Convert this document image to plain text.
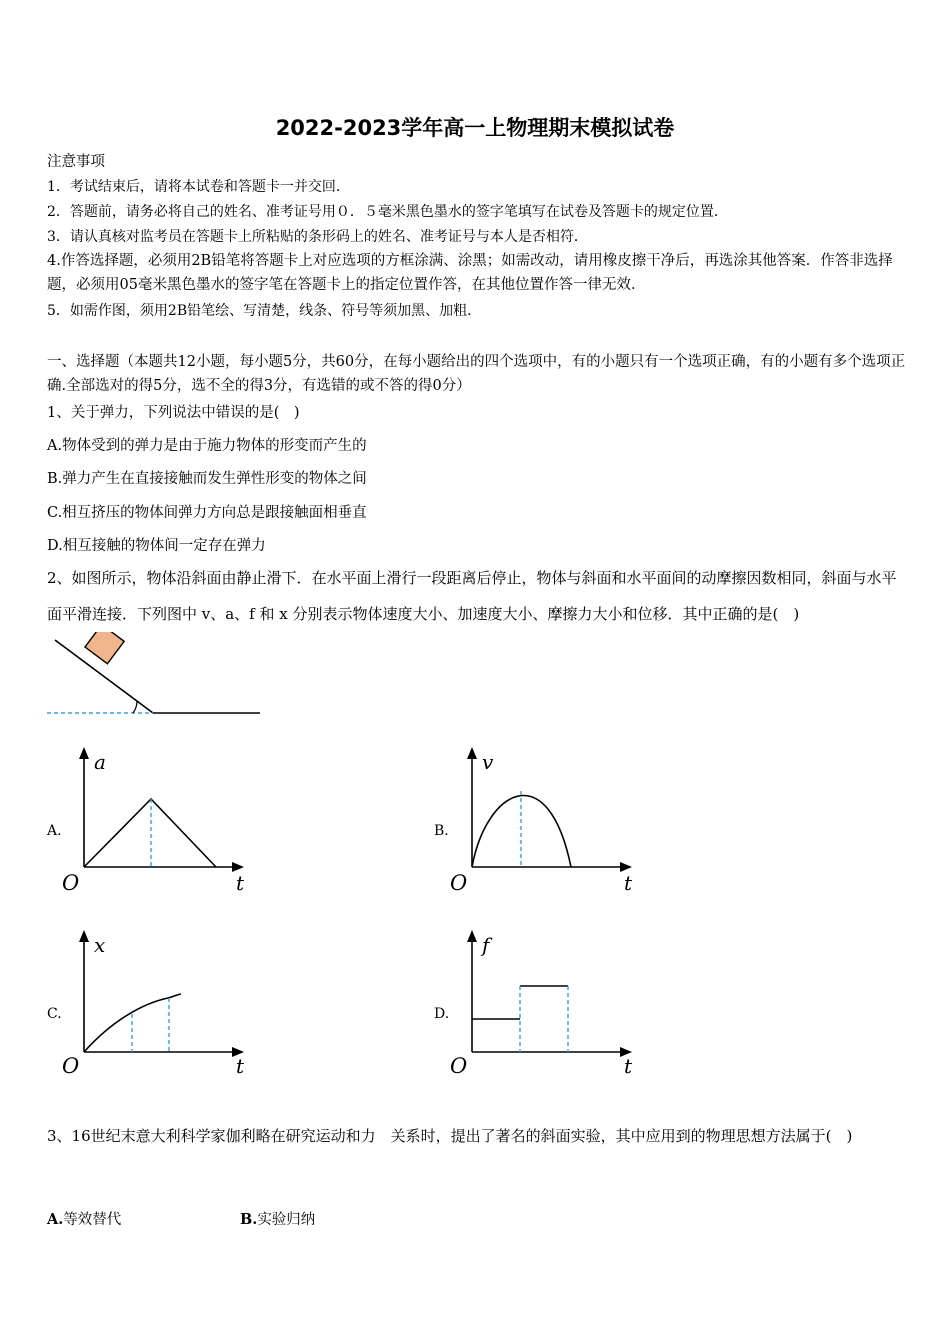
2022-2023学年高一上物理期末模拟试卷
注意事项
1．考试结束后，请将本试卷和答题卡一并交回．
2．答题前，请务必将自己的姓名、准考证号用０．５毫米黑色墨水的签字笔填写在试卷及答题卡的规定位置．
3．请认真核对监考员在答题卡上所粘贴的条形码上的姓名、准考证号与本人是否相符．
4.作答选择题，必须用2B铅笔将答题卡上对应选项的方框涂满、涂黑；如需改动，请用橡皮擦干净后，再选涂其他答案．作答非选择题，必须用05毫米黑色墨水的签字笔在答题卡上的指定位置作答，在其他位置作答一律无效．
5．如需作图，须用2B铅笔绘、写清楚，线条、符号等须加黑、加粗．
一、选择题（本题共12小题，每小题5分，共60分，在每小题给出的四个选项中，有的小题只有一个选项正确，有的小题有多个选项正确.全部选对的得5分，选不全的得3分，有选错的或不答的得0分）
1、关于弹力，下列说法中错误的是(　)
A.物体受到的弹力是由于施力物体的形变而产生的
B.弹力产生在直接接触而发生弹性形变的物体之间
C.相互挤压的物体间弹力方向总是跟接触面相垂直
D.相互接触的物体间一定存在弹力
2、如图所示，物体沿斜面由静止滑下．在水平面上滑行一段距离后停止，物体与斜面和水平面间的动摩擦因数相同，斜面与水平面平滑连接．下列图中 v、a、f 和 x 分别表示物体速度大小、加速度大小、摩擦力大小和位移．其中正确的是(　)
A.
a
O	t
B.
v
O	t
C.
x
O	t
D.
f
O	t
3、16世纪末意大利科学家伽利略在研究运动和力　关系时，提出了著名的斜面实验，其中应用到的物理思想方法属于(　)
A.等效替代	B.实验归纳
